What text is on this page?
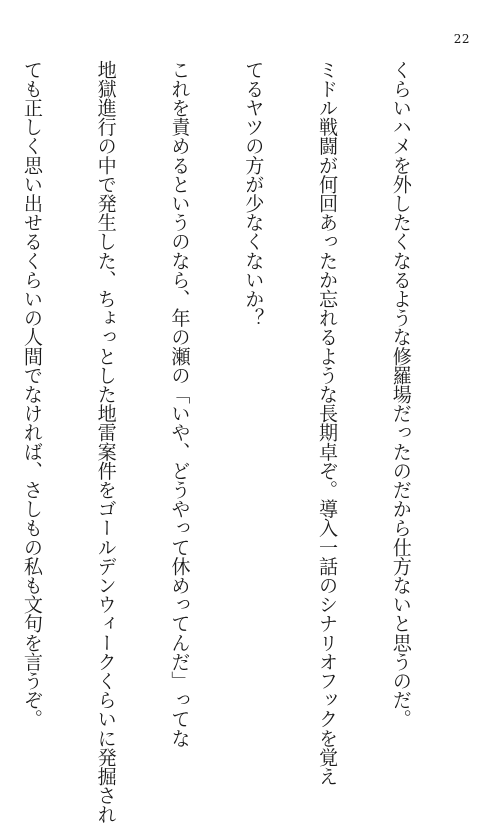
22

くらいハメを外したくなるような修羅場だったのだから仕方ないと思うのだ。

ミドル戦闘が何回あったか忘れるような長期卓ぞ。導入一話のシナリオフックを覚え

てるヤツの方が少なくないか？

これを責めるというのなら、年の瀬の「いや、どうやって休めってんだ」ってな

地獄進行の中で発生した、ちょっとした地雷案件をゴールデンウィークくらいに発掘され

ても正しく思い出せるくらいの人間でなければ、さしもの私も文句を言うぞ。
